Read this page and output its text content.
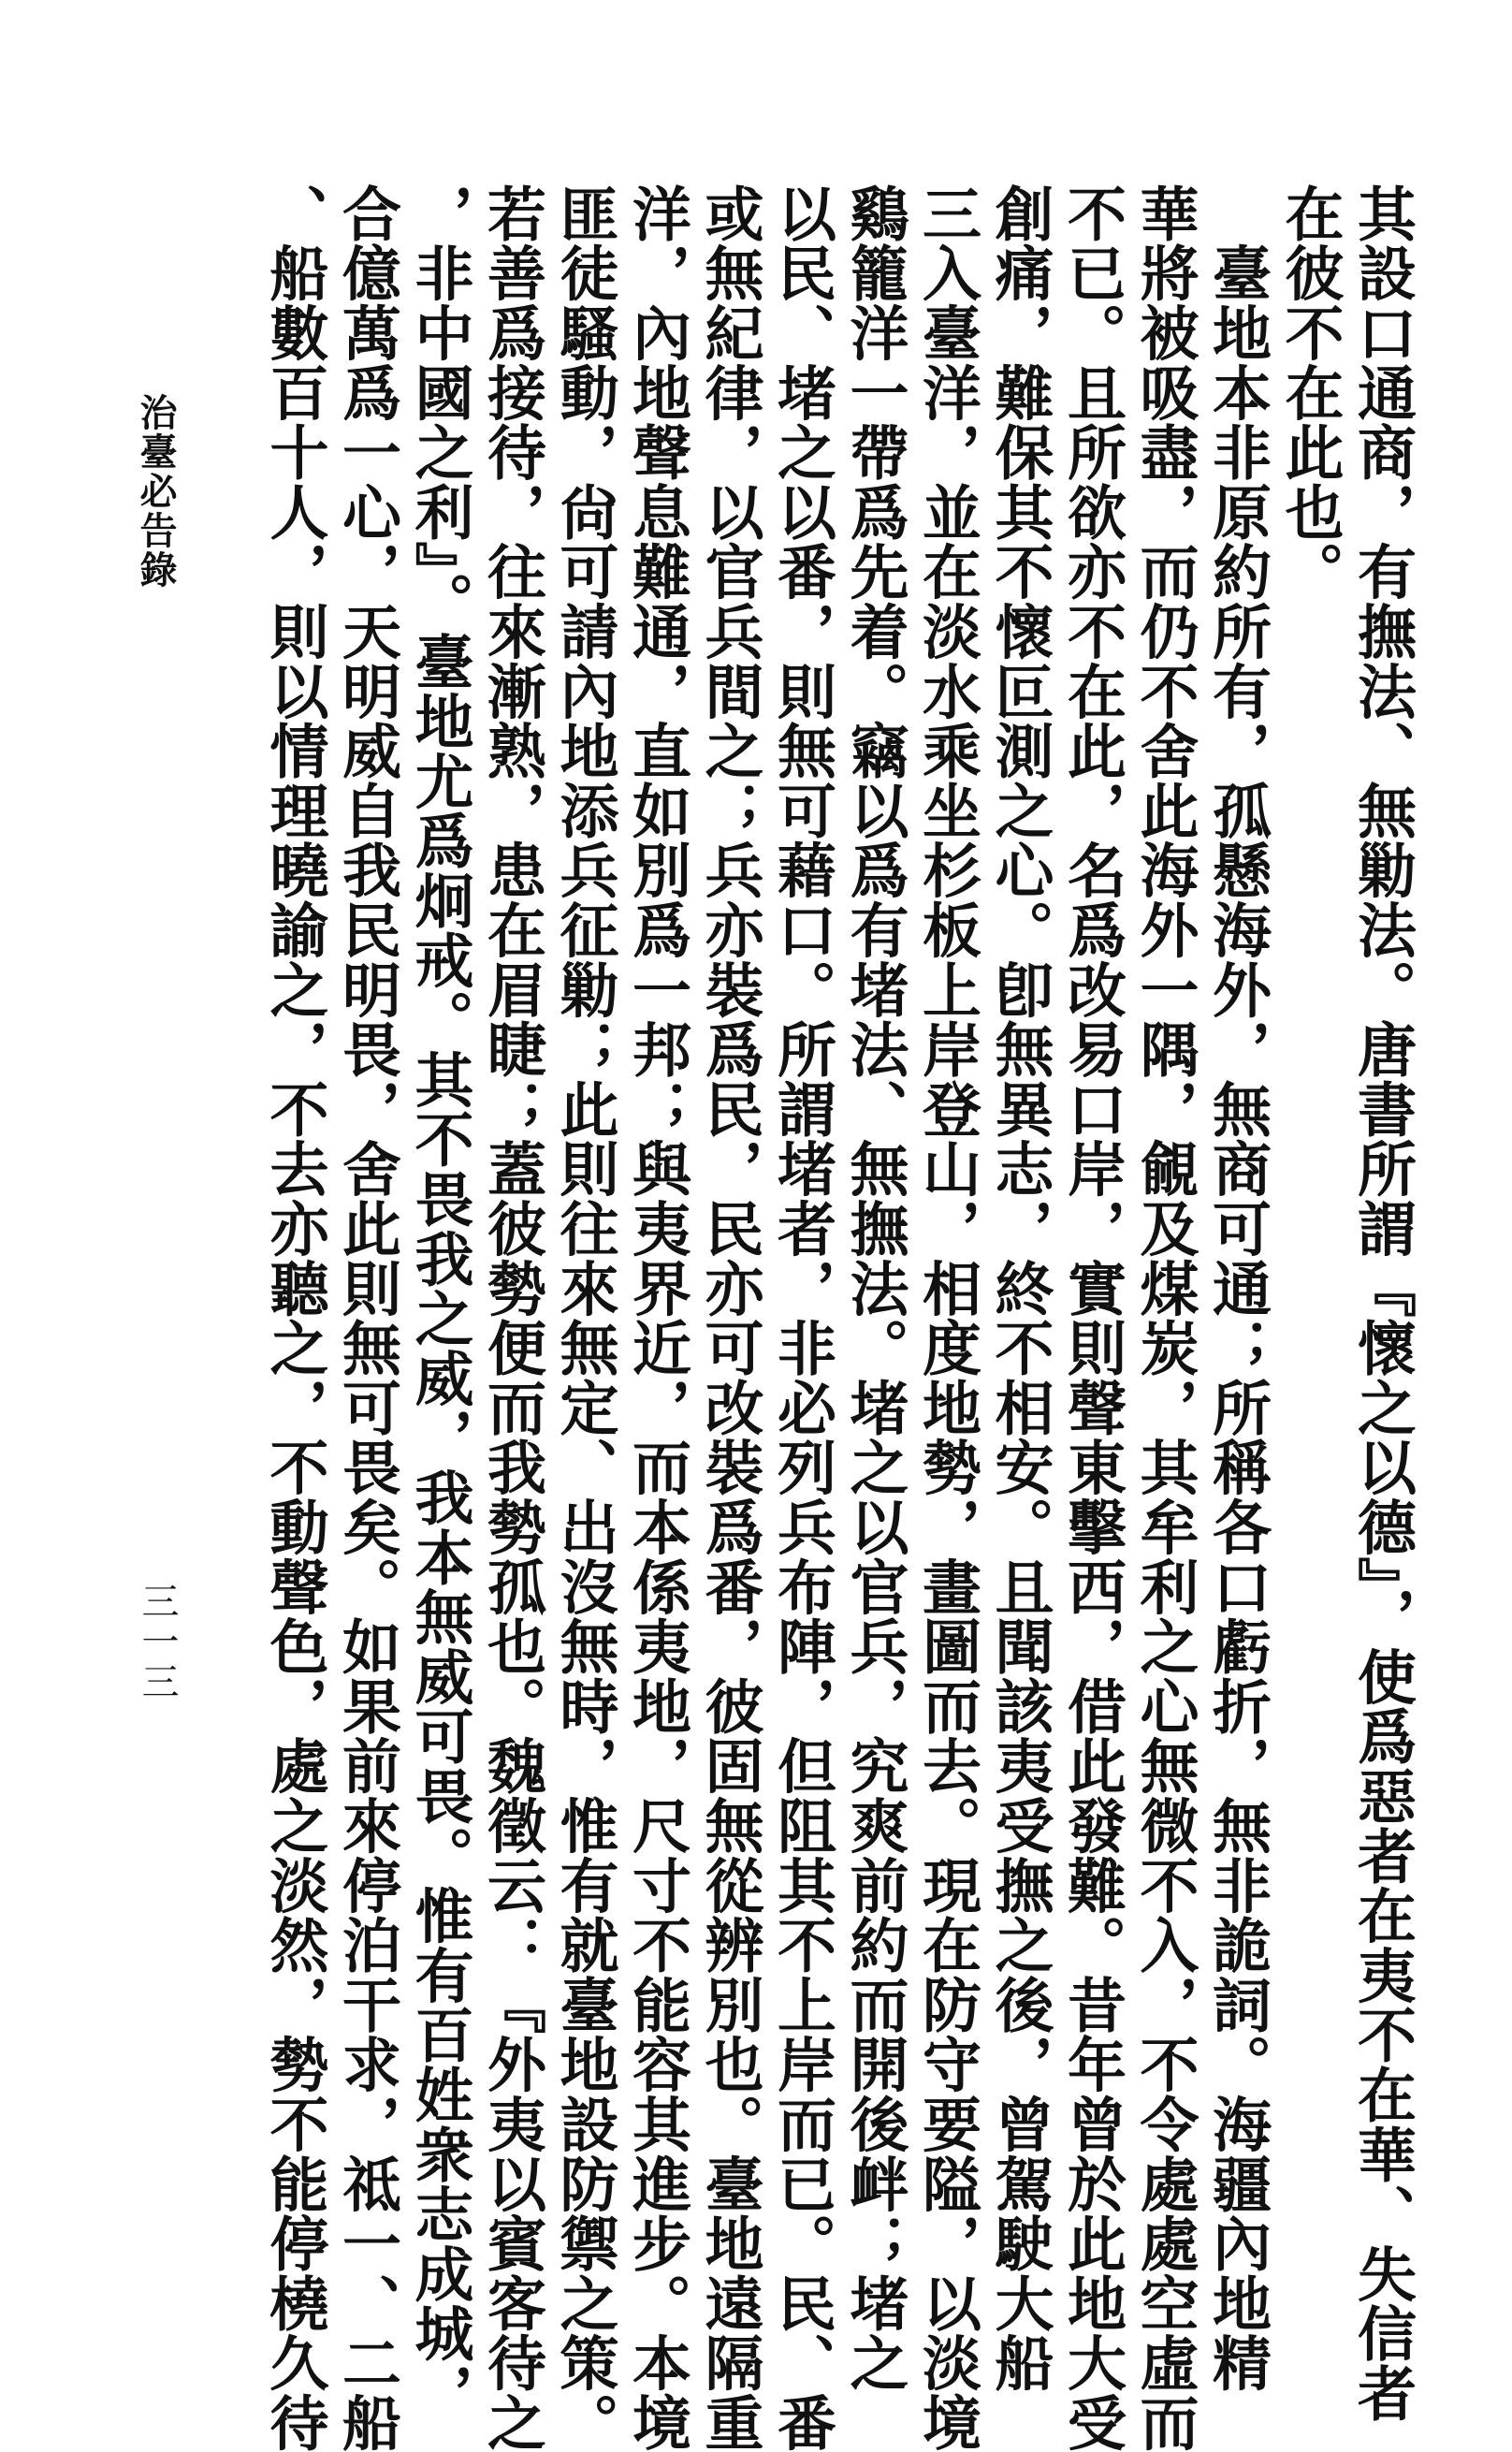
其設口通商，有撫法、無勦法。唐書所謂『懷之以德』，使爲惡者在夷不在華、失信者

在彼不在此也。

　臺地本非原約所有，孤懸海外，無商可通；所稱各口虧折，無非詭詞。海疆內地精

華將被吸盡，而仍不舍此海外一隅，覦及煤炭，其牟利之心無微不入，不令處處空虛而

不已。且所欲亦不在此，名爲改易口岸，實則聲東擊西，借此發難。昔年曾於此地大受

創痛，難保其不懷叵測之心。卽無異志，終不相安。且聞該夷受撫之後，曾駕駛大船

三入臺洋，並在淡水乘坐杉板上岸登山，相度地勢，畫圖而去。現在防守要隘，以淡境

鷄籠洋一帶爲先着。竊以爲有堵法、無撫法。堵之以官兵，究爽前約而開後衅；堵之

以民、堵之以番，則無可藉口。所謂堵者，非必列兵布陣，但阻其不上岸而已。民、番

或無紀律，以官兵間之；兵亦裝爲民，民亦可改裝爲番，彼固無從辨別也。臺地遠隔重

洋，內地聲息難通，直如別爲一邦；與夷界近，而本係夷地，尺寸不能容其進步。本境

匪徒騷動，尙可請內地添兵征勦；此則往來無定、出沒無時，惟有就臺地設防禦之策。

若善爲接待，往來漸熟，患在眉睫；蓋彼勢便而我勢孤也。魏徵云：『外夷以賓客待之

，非中國之利』。臺地尤爲炯戒。其不畏我之威，我本無威可畏。惟有百姓衆志成城，

合億萬爲一心，天明威自我民明畏，舍此則無可畏矣。如果前來停泊干求，祗一、二船

、船數百十人，則以情理曉諭之，不去亦聽之，不動聲色，處之淡然，勢不能停橈久待

治臺必告錄
三一三
